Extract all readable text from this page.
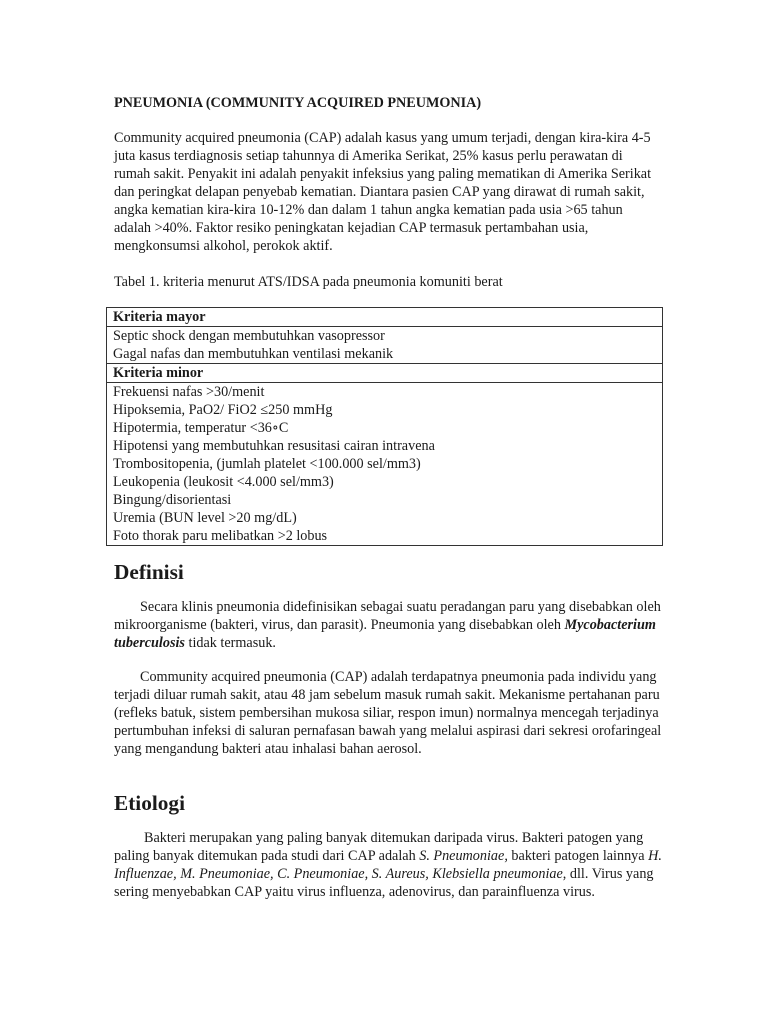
PNEUMONIA (COMMUNITY ACQUIRED PNEUMONIA)

Community acquired pneumonia (CAP) adalah kasus yang umum terjadi, dengan kira-kira 4-5 juta kasus terdiagnosis setiap tahunnya di Amerika Serikat, 25% kasus perlu perawatan di rumah sakit. Penyakit ini adalah penyakit infeksius yang paling mematikan di Amerika Serikat dan peringkat delapan penyebab kematian. Diantara pasien CAP yang dirawat di rumah sakit, angka kematian kira-kira 10-12% dan dalam 1 tahun angka kematian pada usia >65 tahun adalah >40%. Faktor resiko peningkatan kejadian CAP termasuk pertambahan usia, mengkonsumsi alkohol, perokok aktif.

Tabel 1. kriteria menurut ATS/IDSA pada pneumonia komuniti berat

Kriteria mayor

Septic shock dengan membutuhkan vasopressor
Gagal nafas dan membutuhkan ventilasi mekanik

Kriteria minor

Frekuensi nafas >30/menit
Hipoksemia, PaO2/ FiO2 ≤250 mmHg
Hipotermia, temperatur <36∘C
Hipotensi yang membutuhkan resusitasi cairan intravena
Trombositopenia, (jumlah platelet <100.000 sel/mm3)
Leukopenia (leukosit <4.000 sel/mm3)
Bingung/disorientasi
Uremia (BUN level >20 mg/dL)
Foto thorak paru melibatkan >2 lobus
Definisi

Secara klinis pneumonia didefinisikan sebagai suatu peradangan paru yang disebabkan oleh mikroorganisme (bakteri, virus, dan parasit). Pneumonia yang disebabkan oleh Mycobacterium tuberculosis tidak termasuk.

Community acquired pneumonia (CAP) adalah terdapatnya pneumonia pada individu yang terjadi diluar rumah sakit, atau 48 jam sebelum masuk rumah sakit. Mekanisme pertahanan paru (refleks batuk, sistem pembersihan mukosa siliar, respon imun) normalnya mencegah terjadinya pertumbuhan infeksi di saluran pernafasan bawah yang melalui aspirasi dari sekresi orofaringeal yang mengandung bakteri atau inhalasi bahan aerosol.

Etiologi

Bakteri merupakan yang paling banyak ditemukan daripada virus. Bakteri patogen yang paling banyak ditemukan pada studi dari CAP adalah S. Pneumoniae, bakteri patogen lainnya H. Influenzae, M. Pneumoniae, C. Pneumoniae, S. Aureus, Klebsiella pneumoniae, dll. Virus yang sering menyebabkan CAP yaitu virus influenza, adenovirus, dan parainfluenza virus.
